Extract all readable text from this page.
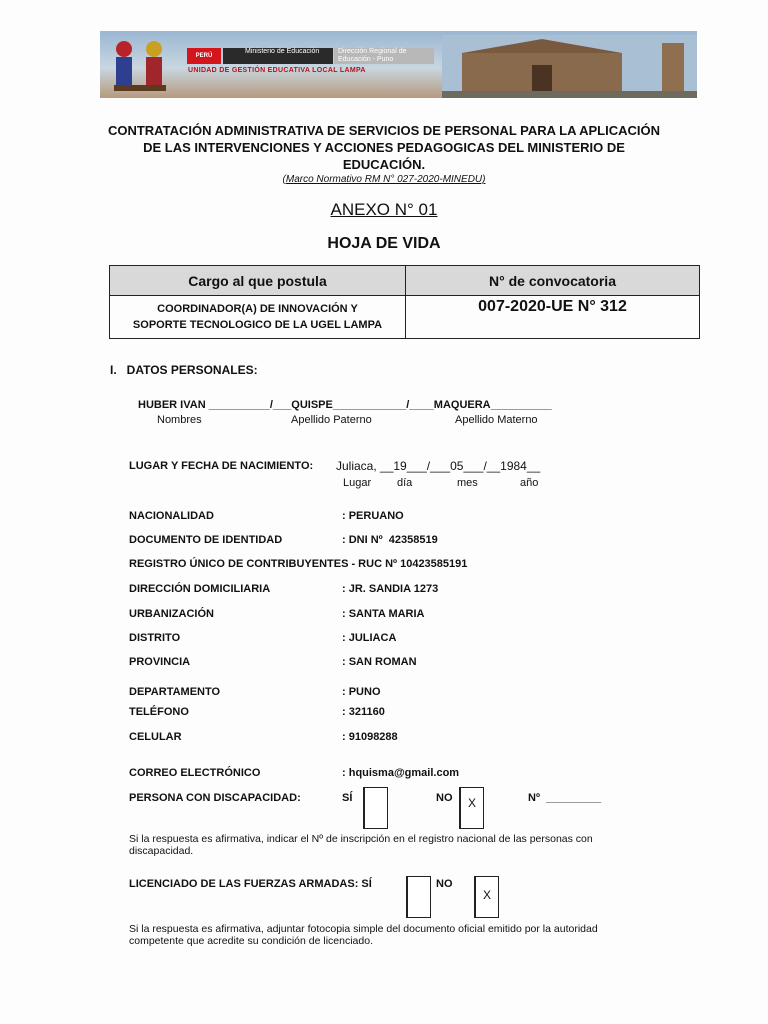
PERÚ
Ministerio de Educación	Dirección Regional de Educación - Puno
UNIDAD DE GESTIÓN EDUCATIVA LOCAL LAMPA
CONTRATACIÓN ADMINISTRATIVA DE SERVICIOS DE PERSONAL PARA LA APLICACIÓN
DE LAS INTERVENCIONES Y ACCIONES PEDAGOGICAS DEL MINISTERIO DE
EDUCACIÓN.
(Marco Normativo RM N° 027-2020-MINEDU)
ANEXO N° 01
HOJA DE VIDA
Cargo al que postula	N° de convocatoria

COORDINADOR(A) DE INNOVACIÓN Y
SOPORTE TECNOLOGICO DE LA UGEL LAMPA	007-2020-UE N° 312
I.   DATOS PERSONALES:
HUBER IVAN __________/___QUISPE____________/____MAQUERA__________
Nombres	Apellido Paterno	Apellido Materno
LUGAR Y FECHA DE NACIMIENTO: Juliaca, __19___/___05___/__1984__
Lugar día	mes	año
NACIONALIDAD	: PERUANO
DOCUMENTO DE IDENTIDAD	: DNI Nº  42358519
REGISTRO ÚNICO DE CONTRIBUYENTES - RUC Nº 10423585191
DIRECCIÓN DOMICILIARIA	: JR. SANDIA 1273
URBANIZACIÓN	: SANTA MARIA
DISTRITO	: JULIACA
PROVINCIA	: SAN ROMAN
DEPARTAMENTO	: PUNO
TELÉFONO	: 321160
CELULAR	: 91098288
CORREO ELECTRÓNICO	: hquisma@gmail.com
PERSONA CON DISCAPACIDAD:	SÍ	NO	X	Nº  _________
Si la respuesta es afirmativa, indicar el Nº de inscripción en el registro nacional de las personas con
discapacidad.
LICENCIADO DE LAS FUERZAS ARMADAS: SÍ	NO
X
Si la respuesta es afirmativa, adjuntar fotocopia simple del documento oficial emitido por la autoridad
competente que acredite su condición de licenciado.
